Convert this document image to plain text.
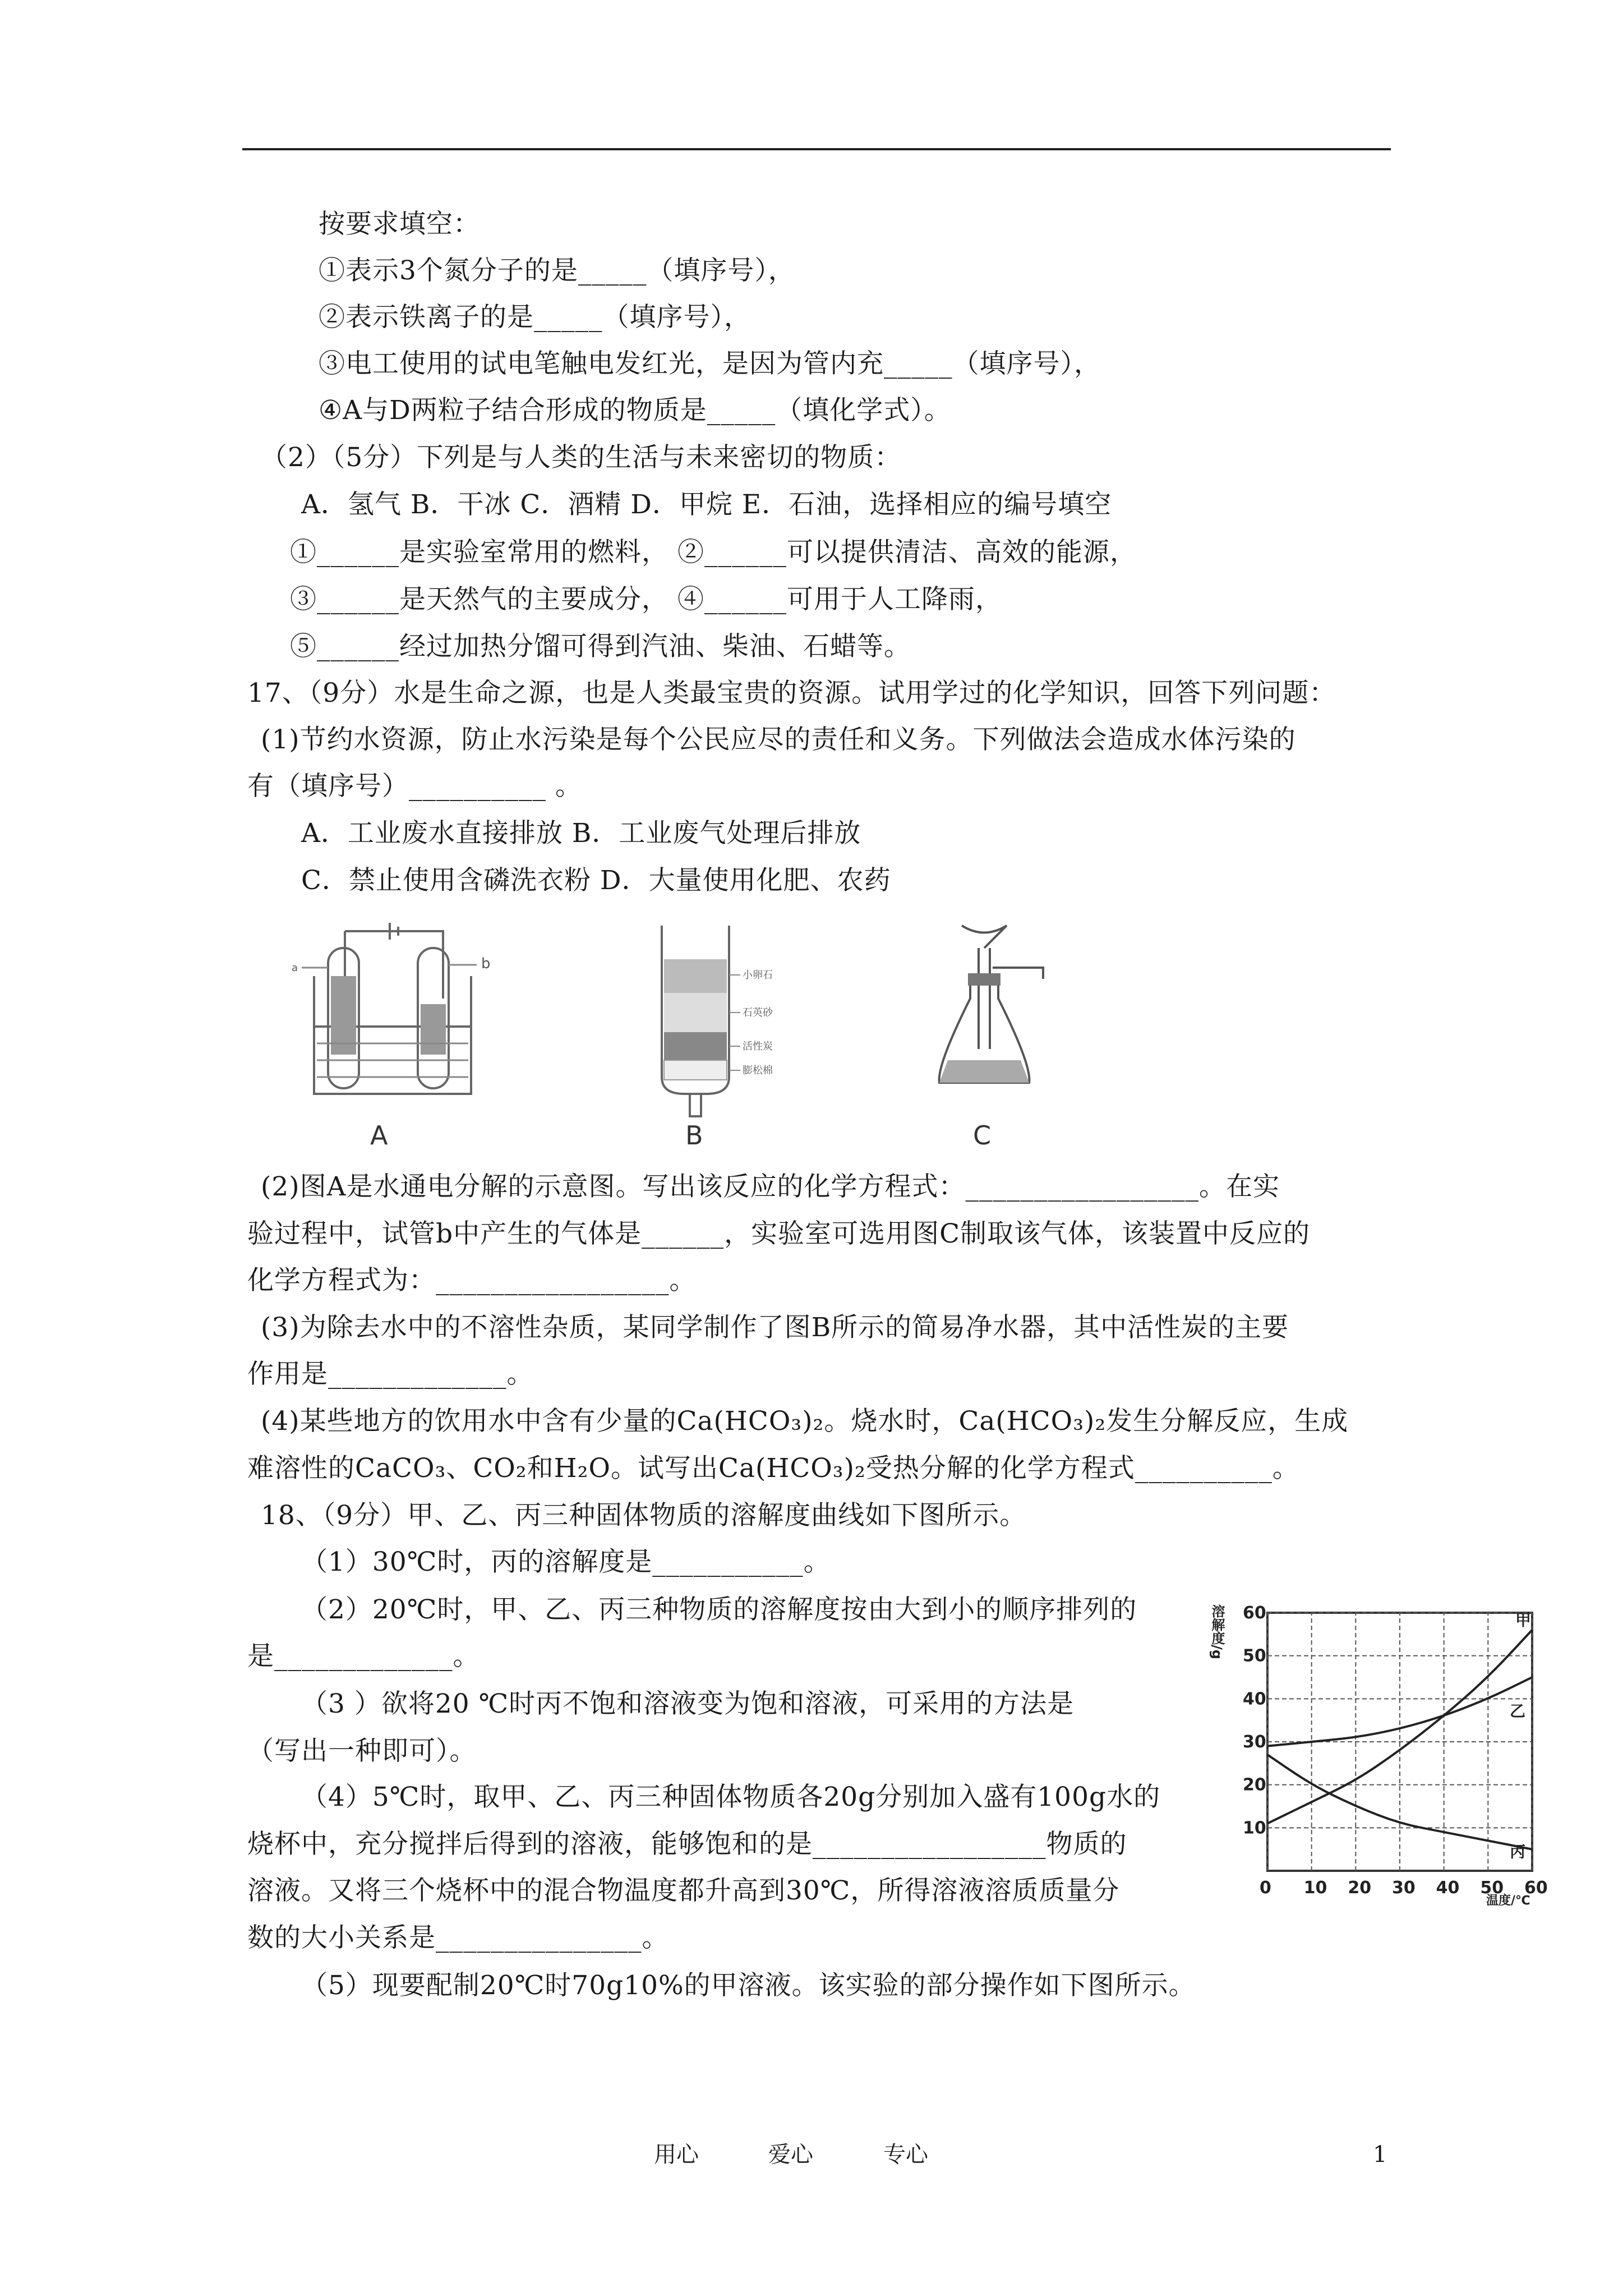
按要求填空：
①表示3个氮分子的是_____（填序号），
②表示铁离子的是_____（填序号），
③电工使用的试电笔触电发红光，是因为管内充_____（填序号），
④A与D两粒子结合形成的物质是_____（填化学式）。
（2）（5分）下列是与人类的生活与未来密切的物质：
A．氢气 B．干冰 C．酒精 D．甲烷 E．石油，选择相应的编号填空
①______是实验室常用的燃料， ②______可以提供清洁、高效的能源，
③______是天然气的主要成分， ④______可用于人工降雨，
⑤______经过加热分馏可得到汽油、柴油、石蜡等。
17、（9分）水是生命之源，也是人类最宝贵的资源。试用学过的化学知识，回答下列问题：
(1)节约水资源，防止水污染是每个公民应尽的责任和义务。下列做法会造成水体污染的
有（填序号）__________ 。
A．工业废水直接排放 B．工业废气处理后排放
C．禁止使用含磷洗衣粉 D．大量使用化肥、农药
(2)图A是水通电分解的示意图。写出该反应的化学方程式：_________________。在实
验过程中，试管b中产生的气体是______，实验室可选用图C制取该气体，该装置中反应的
化学方程式为：_________________。
(3)为除去水中的不溶性杂质，某同学制作了图B所示的简易净水器，其中活性炭的主要
作用是_____________。
(4)某些地方的饮用水中含有少量的Ca(HCO₃)₂。烧水时，Ca(HCO₃)₂发生分解反应，生成
难溶性的CaCO₃、CO₂和H₂O。试写出Ca(HCO₃)₂受热分解的化学方程式__________。
18、（9分）甲、乙、丙三种固体物质的溶解度曲线如下图所示。
（1）30℃时，丙的溶解度是___________。
（2）20℃时，甲、乙、丙三种物质的溶解度按由大到小的顺序排列的
是_____________。
（3 ）欲将20 ℃时丙不饱和溶液变为饱和溶液，可采用的方法是
（写出一种即可）。
（4）5℃时，取甲、乙、丙三种固体物质各20g分别加入盛有100g水的
烧杯中，充分搅拌后得到的溶液，能够饱和的是_________________物质的
溶液。又将三个烧杯中的混合物温度都升高到30℃，所得溶液溶质质量分
数的大小关系是_______________。
（5）现要配制20℃时70g10%的甲溶液。该实验的部分操作如下图所示。
a	b
A
小卵石
石英砂
活性炭
膨松棉
B	C
甲
乙
丙
0 10 20 30 40 50 60
10
20
30
40
50
60
溶解度/g
温度/℃
用心	爱心	专心	1
